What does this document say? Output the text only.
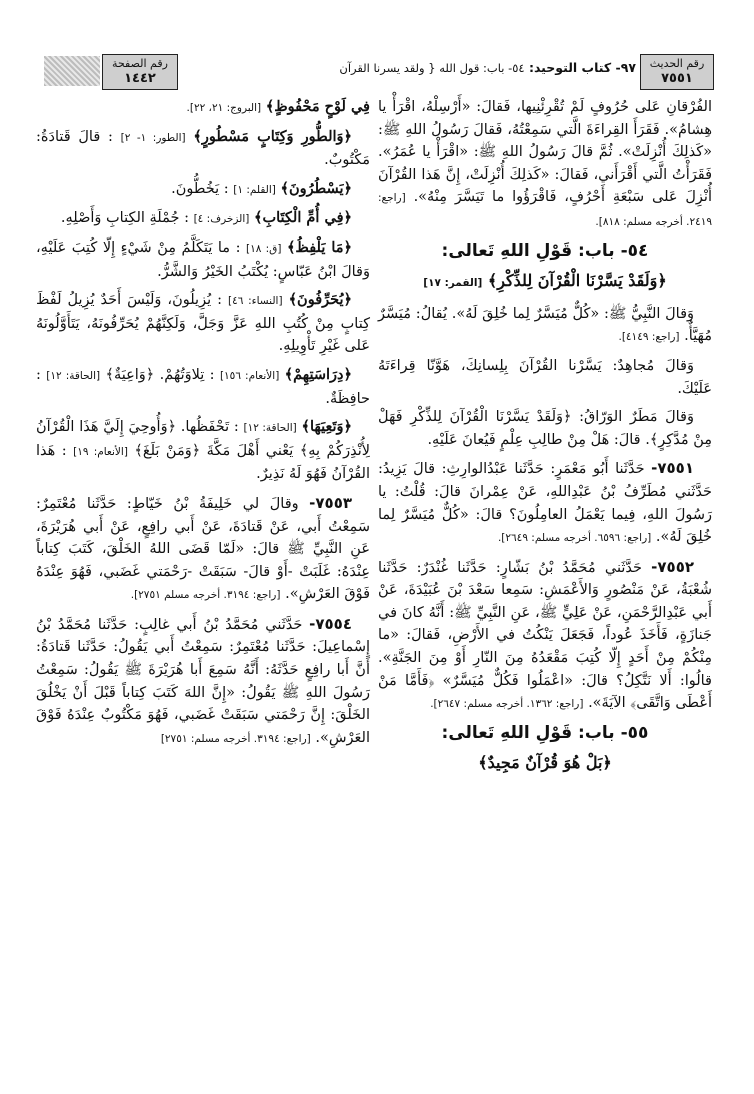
رقم الحديث
٧٥٥١
رقم الصفحة
١٤٤٢
٩٧- كتاب التوحيد: ٥٤- باب: قول الله { ولقد يسرنا القرآن

الفُرْقانِ عَلى حُرُوفٍ لَمْ تُقْرِئْنِيها، فَقالَ: «أَرْسِلْهُ، اقْرَأْ يا هِشامُ». فَقَرَأَ القِراءَةَ الَّتي سَمِعْتُهُ، فَقالَ رَسُولُ اللهِ ﷺ: «كَذلِكَ أُنْزِلَتْ». ثُمَّ قالَ رَسُولُ اللهِ ﷺ: «اقْرَأْ يا عُمَرُ». فَقَرَأْتُ الَّتي أَقْرَأَني، فَقالَ: «كَذلِكَ أُنْزِلَتْ، إِنَّ هَذا القُرْآنَ أُنْزِلَ عَلى سَبْعَةِ أَحْرُفٍ، فَاقْرَؤُوا ما تَيَسَّرَ مِنْهُ». [راجع: ٢٤١٩. أخرجه مسلم: ٨١٨].

٥٤- باب: قَوْلِ اللهِ تَعالى:
﴿وَلَقَدْ يَسَّرْنَا الْقُرْآنَ لِلذِّكْرِ﴾ [القمر: ١٧]

وَقالَ النَّبِيُّ ﷺ: «كُلٌّ مُيَسَّرٌ لِما خُلِقَ لَهُ». يُقالُ: مُيَسَّرٌ مُهَيَّأٌ. [راجع: ٤١٤٩].

وَقالَ مُجاهِدٌ: يَسَّرْنا القُرْآنَ بِلِسانِكَ، هَوَّنّا قِراءَتَهُ عَلَيْكَ.

وَقالَ مَطَرٌ الوَرّاقُ: ﴿وَلَقَدْ يَسَّرْنَا الْقُرْآنَ لِلذِّكْرِ فَهَلْ مِنْ مُدَّكِرٍ﴾. قالَ: هَلْ مِنْ طالِبِ عِلْمٍ فَيُعانَ عَلَيْهِ.

٧٥٥١- حَدَّثَنا أَبُو مَعْمَرٍ: حَدَّثَنا عَبْدُالوارِثِ: قالَ يَزِيدُ: حَدَّثَني مُطَرِّفُ بْنُ عَبْدِاللهِ، عَنْ عِمْرانَ قالَ: قُلْتُ: يا رَسُولَ اللهِ، فِيما يَعْمَلُ العامِلُونَ؟ قالَ: «كُلٌّ مُيَسَّرٌ لِما خُلِقَ لَهُ». [راجع: ٦٥٩٦. أخرجه مسلم: ٢٦٤٩].

٧٥٥٢- حَدَّثَني مُحَمَّدُ بْنُ بَشّارٍ: حَدَّثَنا غُنْدَرٌ: حَدَّثَنا شُعْبَةُ، عَنْ مَنْصُورٍ وَالأَعْمَشِ: سَمِعا سَعْدَ بْنَ عُبَيْدَةَ، عَنْ أَبي عَبْدِالرَّحْمَنِ، عَنْ عَلِيٍّ ﷺ، عَنِ النَّبِيِّ ﷺ: أَنَّهُ كانَ في جَنازَةٍ، فَأَخَذَ عُوداً، فَجَعَلَ يَنْكُتُ في الأَرْضِ، فَقالَ: «ما مِنْكُمْ مِنْ أَحَدٍ إِلّا كُتِبَ مَقْعَدُهُ مِنَ النّارِ أَوْ مِنَ الجَنَّةِ». قالُوا: أَلا نَتَّكِلُ؟ قالَ: «اعْمَلُوا فَكُلٌّ مُيَسَّرٌ» ﴿فَأَمَّا مَنْ أَعْطَى وَاتَّقَى﴾ الآيَةَ». [راجع: ١٣٦٢. أخرجه مسلم: ٢٦٤٧].

٥٥- باب: قَوْلِ اللهِ تَعالى:
﴿بَلْ هُوَ قُرْآنٌ مَجِيدٌ﴾

فِي لَوْحٍ مَحْفُوظٍ﴾ [البروج: ٢١، ٢٢].

﴿وَالطُّورِ وَكِتَابٍ مَسْطُورٍ﴾ [الطور: ١- ٢] : قالَ قَتادَةُ: مَكْتُوبٌ.

﴿يَسْطُرُونَ﴾ [القلم: ١] : يَخُطُّونَ.

﴿فِي أُمِّ الْكِتَابِ﴾ [الزخرف: ٤] : جُمْلَةِ الكِتابِ وَأَصْلِهِ.

﴿مَا يَلْفِظُ﴾ [ق: ١٨] : ما يَتَكَلَّمُ مِنْ شَيْءٍ إِلّا كُتِبَ عَلَيْهِ، وَقالَ ابْنُ عَبّاسٍ: يُكْتَبُ الخَيْرُ وَالشَّرُّ.

﴿يُحَرِّفُونَ﴾ [النساء: ٤٦] : يُزِيلُونَ، وَلَيْسَ أَحَدٌ يُزِيلُ لَفْظَ كِتابٍ مِنْ كُتُبِ اللهِ عَزَّ وَجَلَّ، وَلَكِنَّهُمْ يُحَرِّفُونَهُ، يَتَأَوَّلُونَهُ عَلى غَيْرِ تَأْوِيلِهِ.

﴿دِرَاسَتِهِمْ﴾ [الأنعام: ١٥٦] : تِلاوَتُهُمْ. ﴿وَاعِيَةٌ﴾ [الحاقة: ١٢] : حافِظَةٌ.

﴿وَتَعِيَهَا﴾ [الحاقة: ١٢] : تَحْفَظُها. ﴿وَأُوحِيَ إِلَيَّ هَذَا الْقُرْآنُ لِأُنْذِرَكُمْ بِهِ﴾ يَعْني أَهْلَ مَكَّةَ ﴿وَمَنْ بَلَغَ﴾ [الأنعام: ١٩] : هَذا القُرْآنُ فَهُوَ لَهُ نَذِيرٌ.

٧٥٥٣- وقالَ لي خَلِيفَةُ بْنُ خَيّاطٍ: حَدَّثَنا مُعْتَمِرٌ: سَمِعْتُ أَبي، عَنْ قَتادَةَ، عَنْ أَبي رافِعٍ، عَنْ أَبي هُرَيْرَةَ، عَنِ النَّبِيِّ ﷺ قالَ: «لَمّا قَضَى اللهُ الخَلْقَ، كَتَبَ كِتاباً عِنْدَهُ: غَلَبَتْ -أَوْ قالَ- سَبَقَتْ -رَحْمَتي غَضَبي، فَهُوَ عِنْدَهُ فَوْقَ العَرْشِ». [راجع: ٣١٩٤. أخرجه مسلم ٢٧٥١].

٧٥٥٤- حَدَّثَني مُحَمَّدُ بْنُ أَبي غالِبٍ: حَدَّثَنا مُحَمَّدُ بْنُ إِسْماعِيلَ: حَدَّثَنا مُعْتَمِرٌ: سَمِعْتُ أَبي يَقُولُ: حَدَّثَنا قَتادَةُ: أَنَّ أَبا رافِعٍ حَدَّثَهُ: أَنَّهُ سَمِعَ أَبا هُرَيْرَةَ ﷺ يَقُولُ: سَمِعْتُ رَسُولَ اللهِ ﷺ يَقُولُ: «إِنَّ اللهَ كَتَبَ كِتاباً قَبْلَ أَنْ يَخْلُقَ الخَلْقَ: إِنَّ رَحْمَتي سَبَقَتْ غَضَبي، فَهُوَ مَكْتُوبٌ عِنْدَهُ فَوْقَ العَرْشِ». [راجع: ٣١٩٤. أخرجه مسلم: ٢٧٥١]
